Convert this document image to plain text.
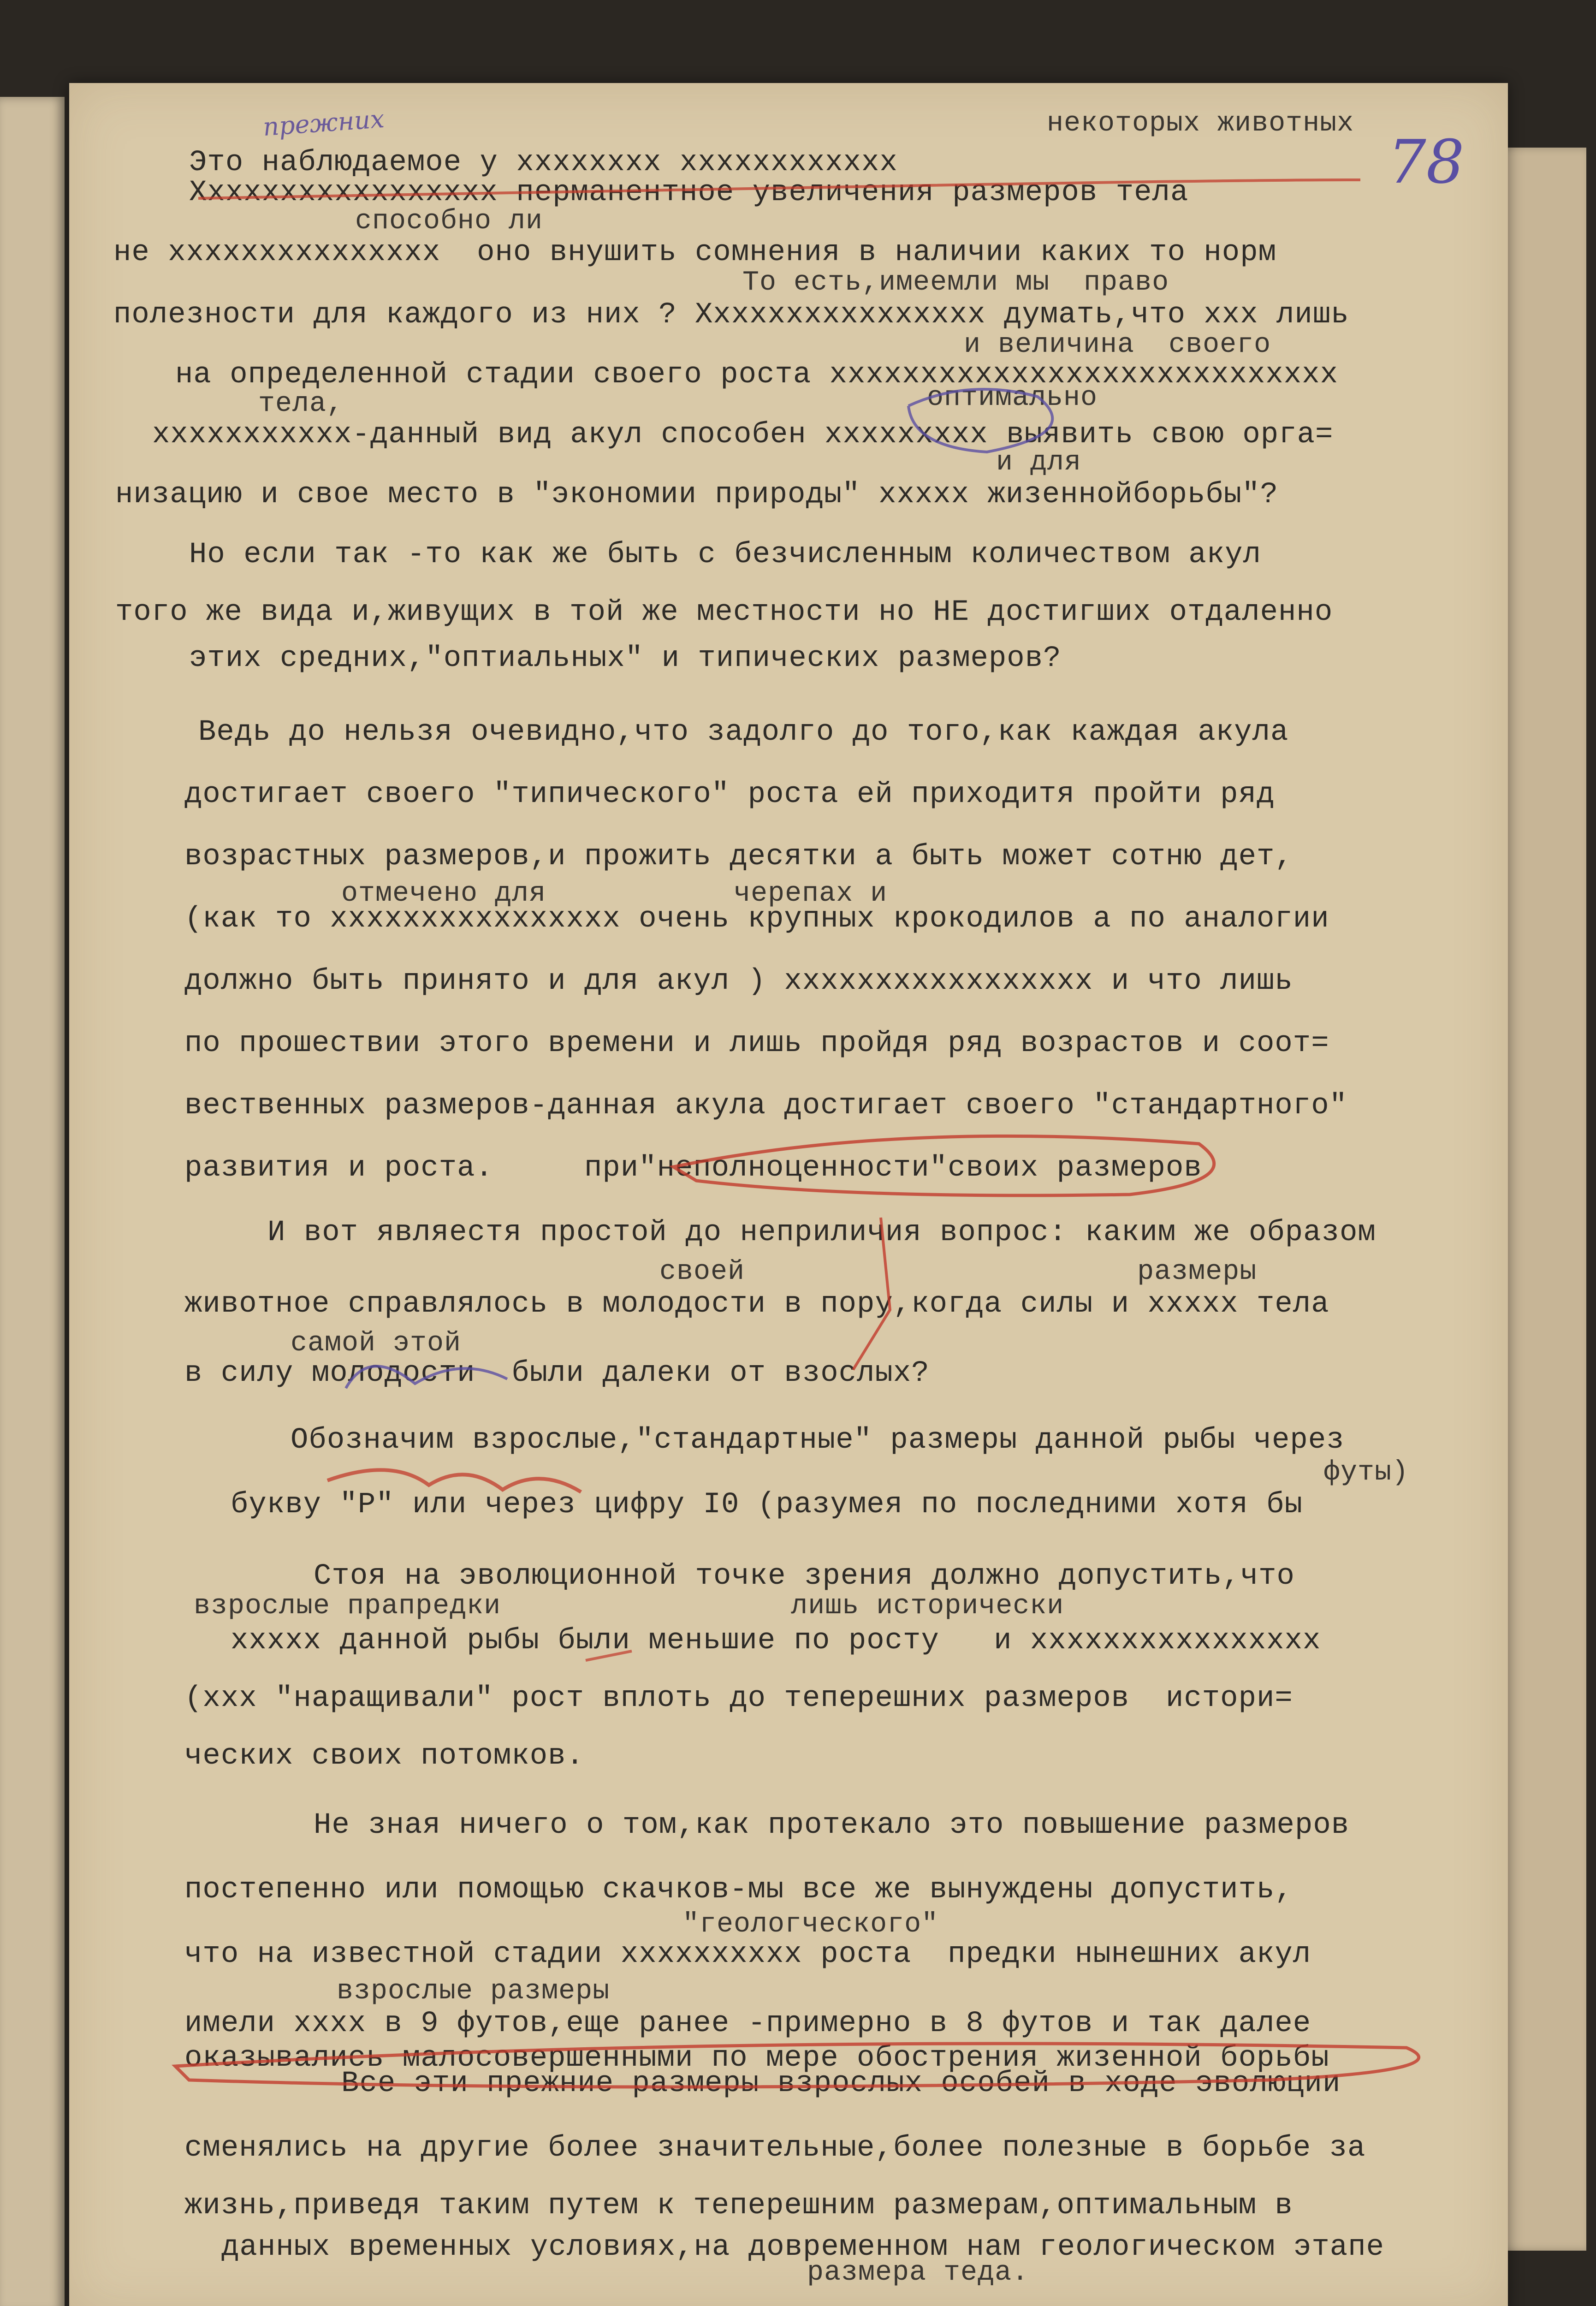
прежних
78
некоторых животных
Это наблюдаемое у хххххххх хххххххххххх
Ххххххххххххххххх перманентное увеличения размеров тела
способно ли
не ххххххххххххххх  оно внушить сомнения в наличии каких то норм
То есть,имеемли мы  право
полезности для каждого из них ? Хххххххххххххххх думать,что ххх лишь
и величина  своего
на определенной стадии своего роста хххххххххххххххххххххххххххх
тела,	оптимально
ххххххххххх-данный вид акул способен ххххххххх выявить свою орга=
и для
низацию и свое место в "экономии природы" ххххх жизеннойборьбы"?
Но если так -то как же быть с безчисленным количеством акул
того же вида и,живущих в той же местности но НЕ достигших отдаленно
этих средних,"оптиальных" и типических размеров?
Ведь до нельзя очевидно,что задолго до того,как каждая акула
достигает своего "типического" роста ей приходитя пройти ряд
возрастных размеров,и прожить десятки а быть может сотню дет,
отмечено для           черепах и
(как то хххххххххххххххх очень крупных крокодилов а по аналогии
должно быть принято и для акул ) ххххххххххххххххх и что лишь
по прошествии этого времени и лишь пройдя ряд возрастов и соот=
вественных размеров-данная акула достигает своего "стандартного"
развития и роста.     при"неполноценности"своих размеров
И вот являестя простой до неприличия вопрос: каким же образом
своей                       размеры
животное справлялось в молодости в пору,когда силы и ххххх тела
самой этой
в силу молодости  были далеки от взослых?
Обозначим взрослые,"стандартные" размеры данной рыбы через
футы)
букву "Р" или через цифру I0 (разумея по последними хотя бы
Стоя на эволюционной точке зрения должно допустить,что
взрослые прапредки                 лишь исторически
ххххх данной рыбы были меньшие по росту   и хххххххххххххххх
(ххх "наращивали" рост вплоть до теперешних размеров  истори=
ческих своих потомков.
Не зная ничего о том,как протекало это повышение размеров
постепенно или помощью скачков-мы все же вынуждены допустить,
"геологческого"
что на известной стадии хххххххххх роста  предки нынешних акул
взрослые размеры
имели хххх в 9 футов,еще ранее -примерно в 8 футов и так далее
оказывались малосовершенными по мере обострения жизенной борьбы
Все эти прежние размеры взрослых особей в ходе эволюции
сменялись на другие более значительные,более полезные в борьбе за
жизнь,приведя таким путем к теперешним размерам,оптимальным в
данных временных условиях,на довременном нам геологическом этапе
размера теда.
